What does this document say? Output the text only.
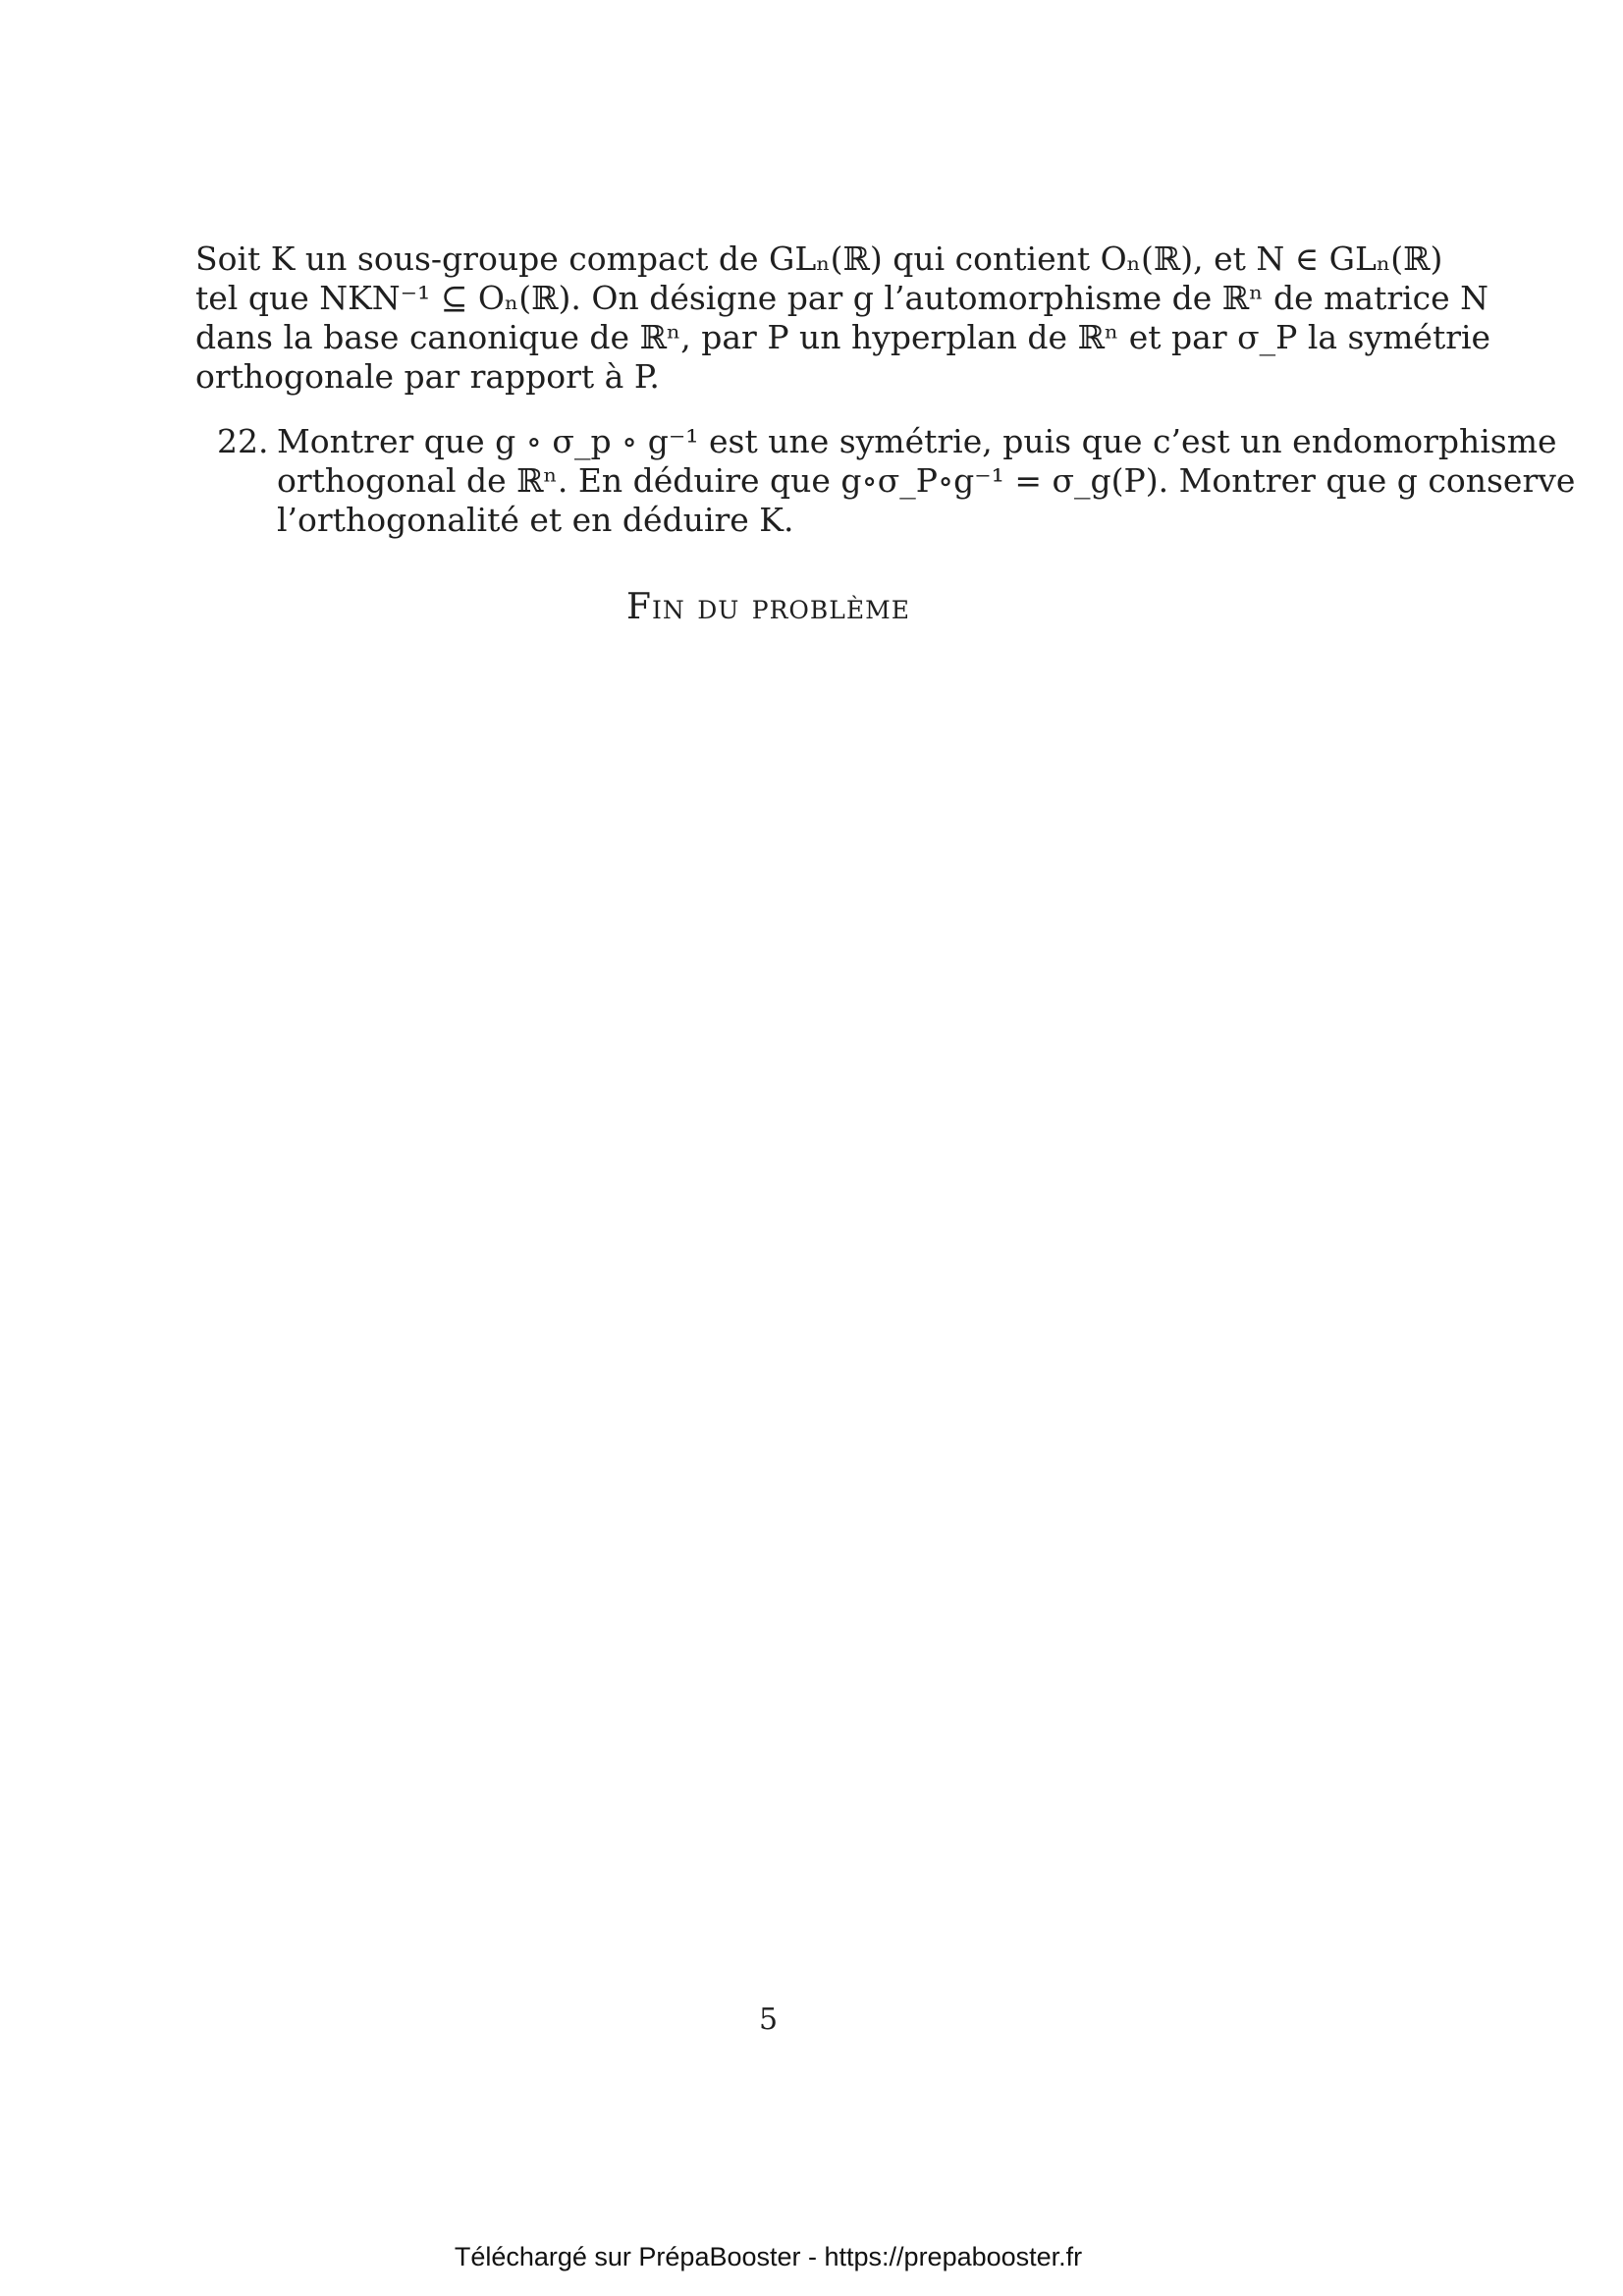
Soit K un sous-groupe compact de GLₙ(ℝ) qui contient Oₙ(ℝ), et N ∈ GLₙ(ℝ)
tel que NKN⁻¹ ⊆ Oₙ(ℝ). On désigne par g l’automorphisme de ℝⁿ de matrice N
dans la base canonique de ℝⁿ, par P un hyperplan de ℝⁿ et par σ_P la symétrie
orthogonale par rapport à P.
22. Montrer que g ∘ σ_p ∘ g⁻¹ est une symétrie, puis que c’est un endomorphisme
orthogonal de ℝⁿ. En déduire que g∘σ_P∘g⁻¹ = σ_g(P). Montrer que g conserve
l’orthogonalité et en déduire K.
Fin du problème
5
Téléchargé sur PrépaBooster - https://prepabooster.fr
